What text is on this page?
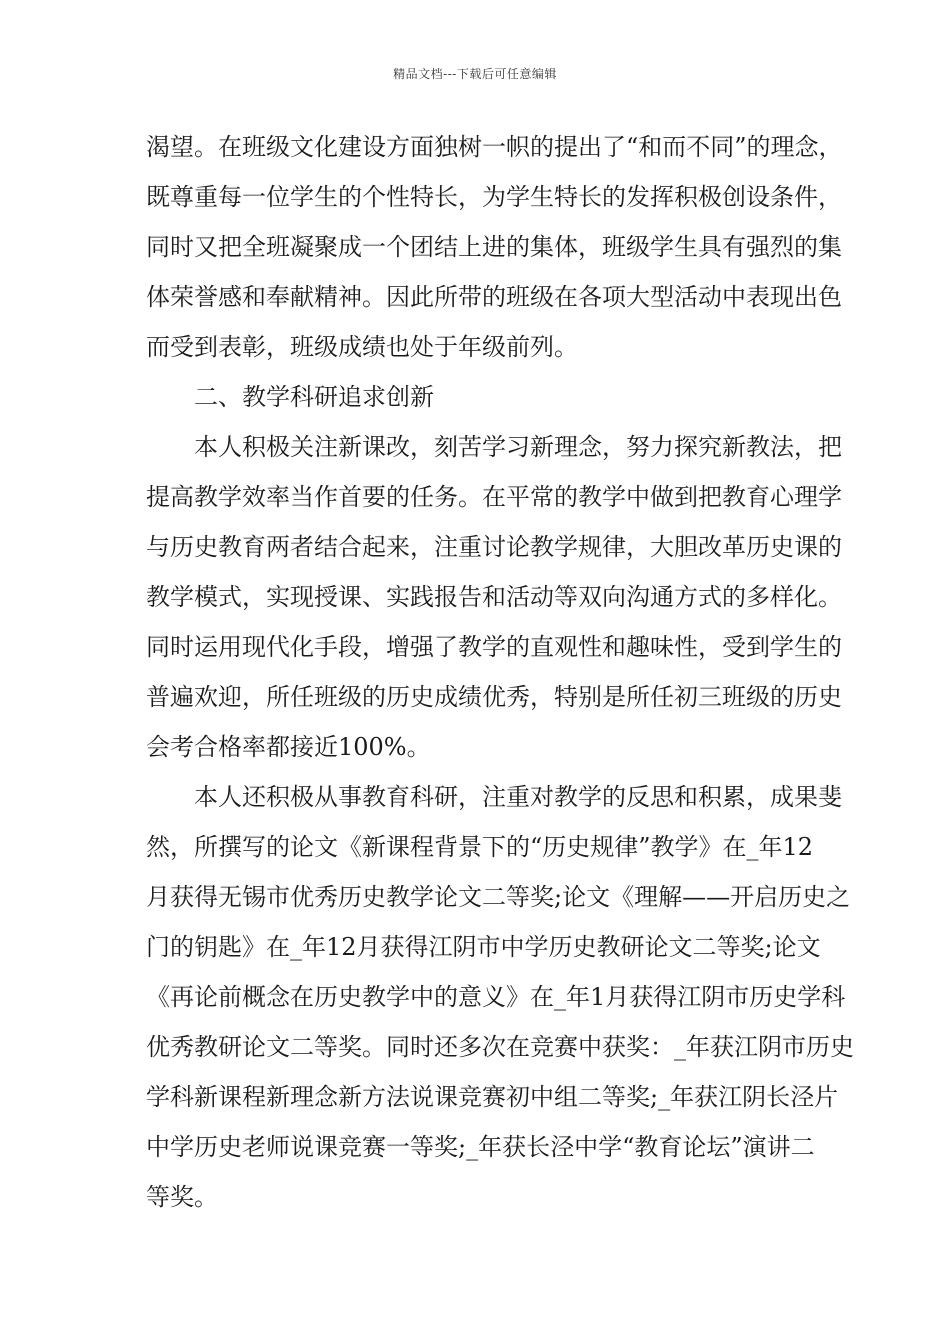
精品文档---下载后可任意编辑
渴望。在班级文化建设方面独树一帜的提出了“和而不同”的理念，
既尊重每一位学生的个性特长，为学生特长的发挥积极创设条件，
同时又把全班凝聚成一个团结上进的集体，班级学生具有强烈的集
体荣誉感和奉献精神。因此所带的班级在各项大型活动中表现出色
而受到表彰，班级成绩也处于年级前列。
二、教学科研追求创新
本人积极关注新课改，刻苦学习新理念，努力探究新教法，把
提高教学效率当作首要的任务。在平常的教学中做到把教育心理学
与历史教育两者结合起来，注重讨论教学规律，大胆改革历史课的
教学模式，实现授课、实践报告和活动等双向沟通方式的多样化。
同时运用现代化手段，增强了教学的直观性和趣味性，受到学生的
普遍欢迎，所任班级的历史成绩优秀，特别是所任初三班级的历史
会考合格率都接近100%。
本人还积极从事教育科研，注重对教学的反思和积累，成果斐
然，所撰写的论文《新课程背景下的“历史规律”教学》在_年12
月获得无锡市优秀历史教学论文二等奖;论文《理解——开启历史之
门的钥匙》在_年12月获得江阴市中学历史教研论文二等奖;论文
《再论前概念在历史教学中的意义》在_年1月获得江阴市历史学科
优秀教研论文二等奖。同时还多次在竞赛中获奖：_年获江阴市历史
学科新课程新理念新方法说课竞赛初中组二等奖;_年获江阴长泾片
中学历史老师说课竞赛一等奖;_年获长泾中学“教育论坛”演讲二
等奖。
